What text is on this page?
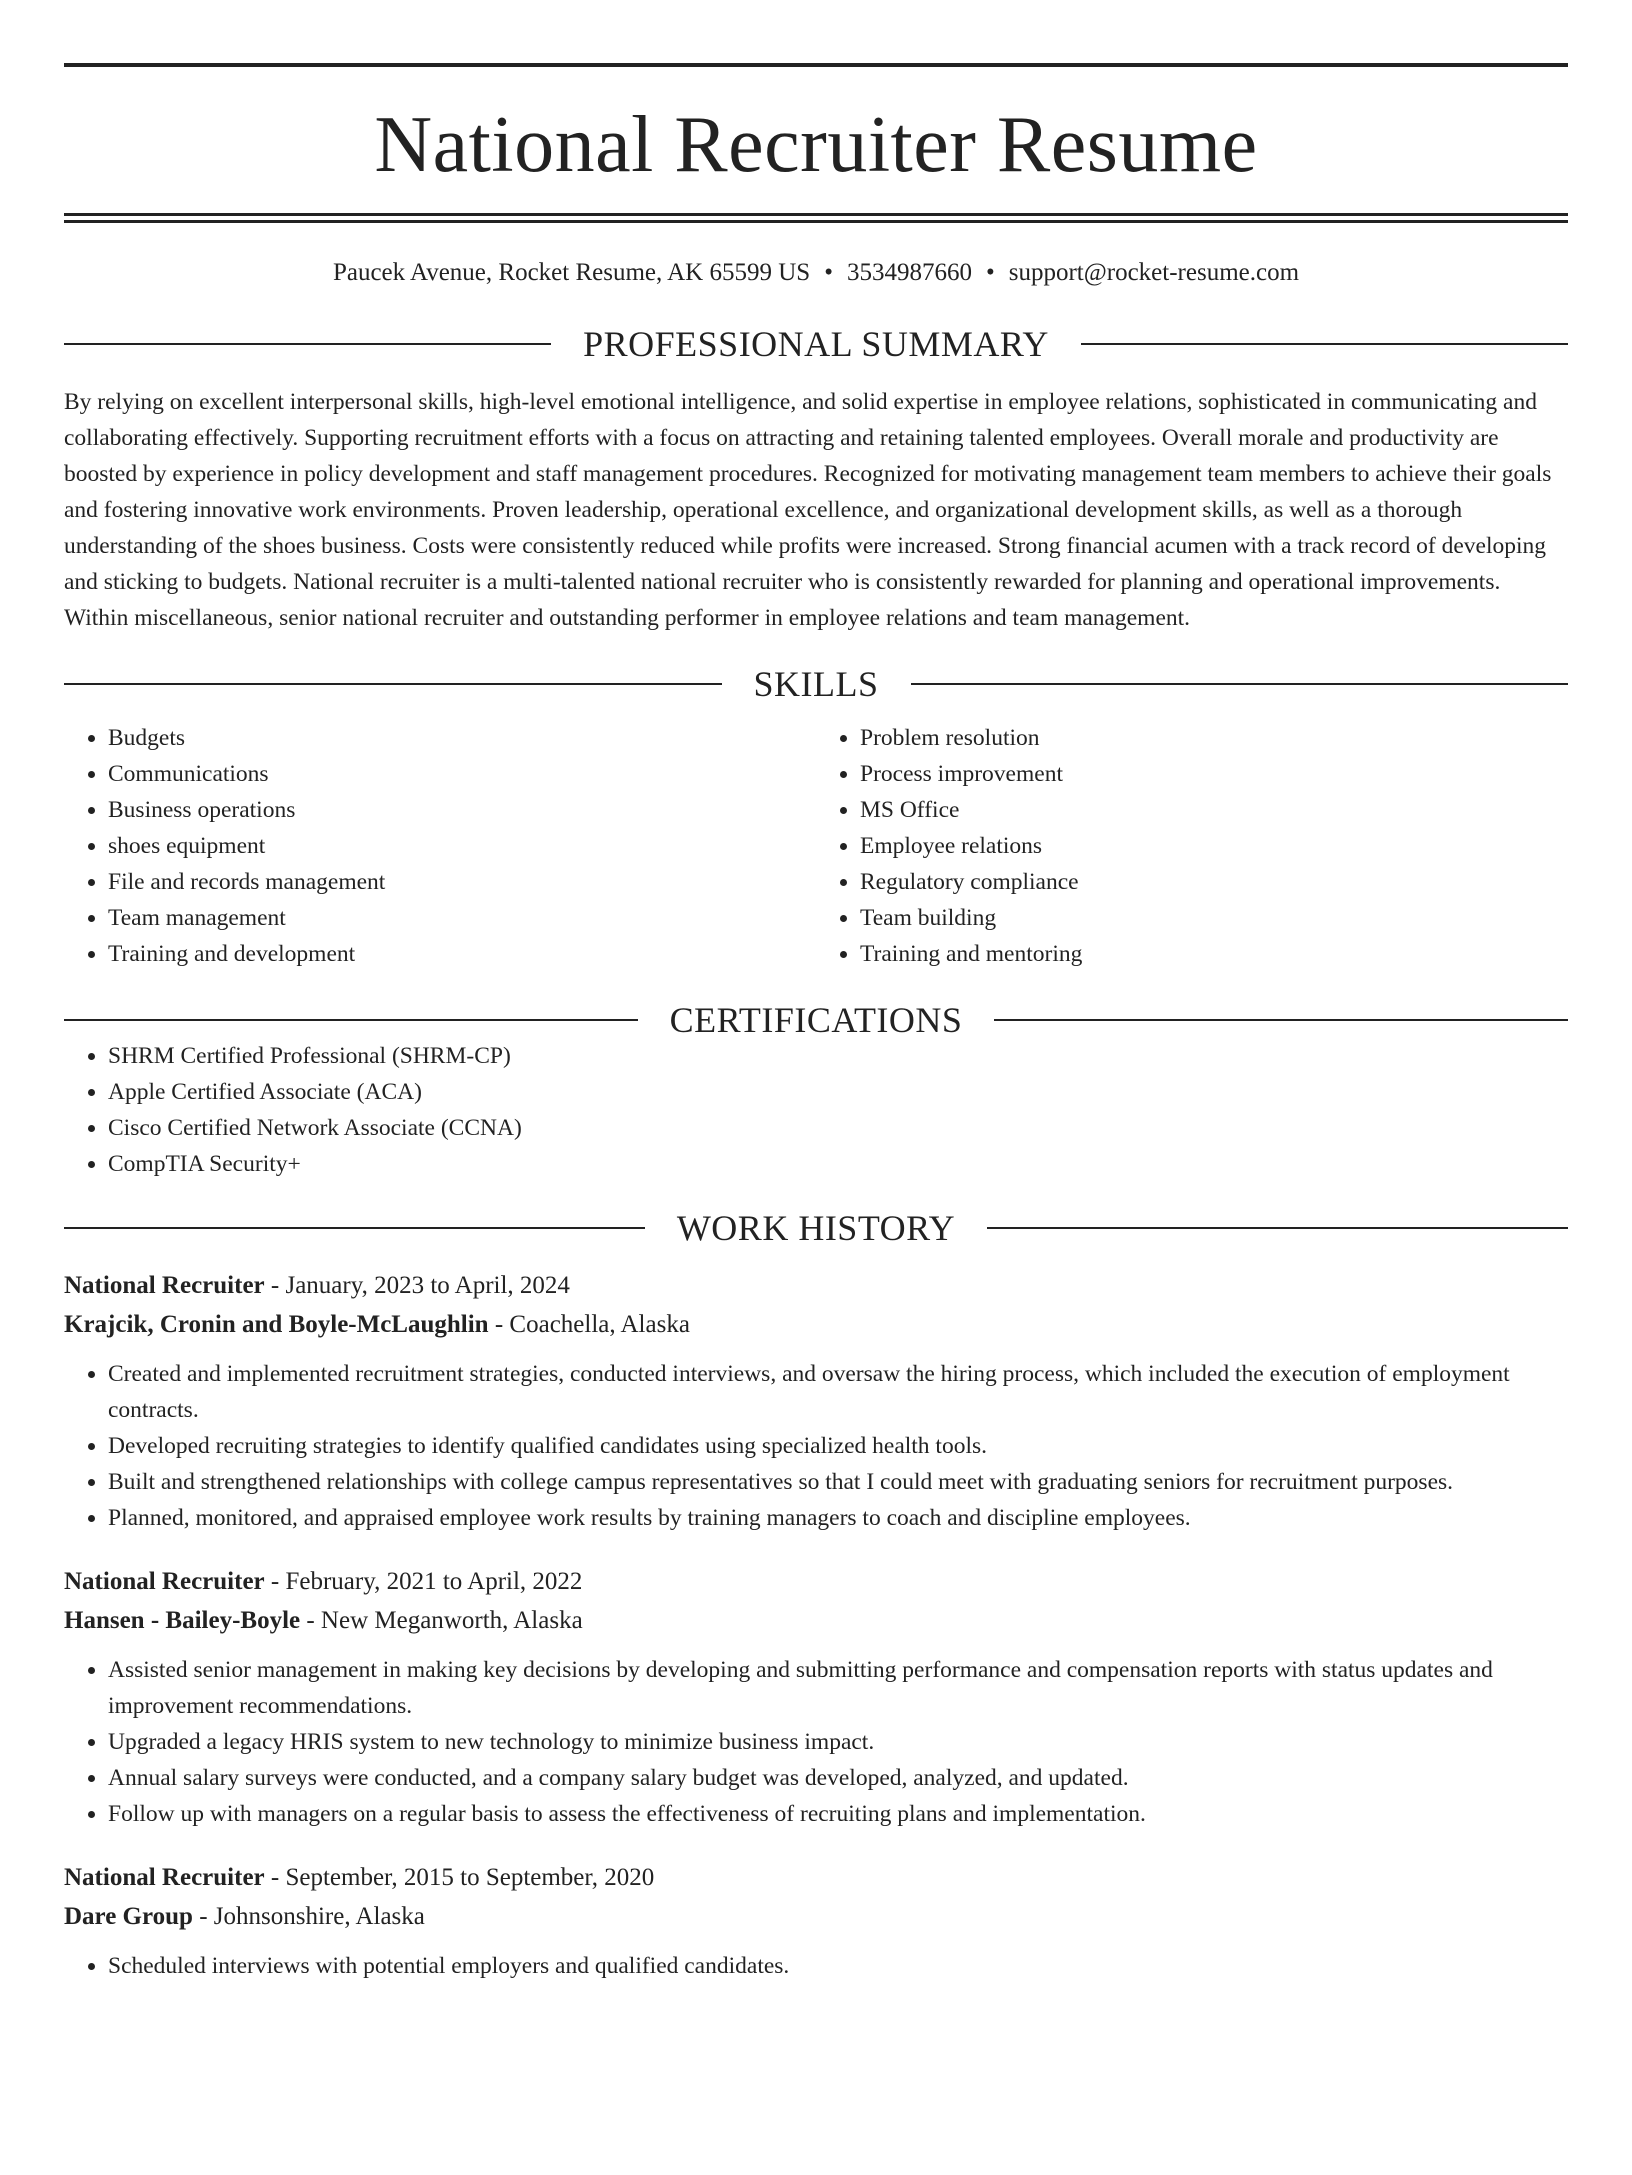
National Recruiter Resume
Paucek Avenue, Rocket Resume, AK 65599 US • 3534987660 • support@rocket-resume.com
PROFESSIONAL SUMMARY
By relying on excellent interpersonal skills, high-level emotional intelligence, and solid expertise in employee relations, sophisticated in communicating and collaborating effectively. Supporting recruitment efforts with a focus on attracting and retaining talented employees. Overall morale and productivity are boosted by experience in policy development and staff management procedures. Recognized for motivating management team members to achieve their goals and fostering innovative work environments. Proven leadership, operational excellence, and organizational development skills, as well as a thorough understanding of the shoes business. Costs were consistently reduced while profits were increased. Strong financial acumen with a track record of developing and sticking to budgets. National recruiter is a multi-talented national recruiter who is consistently rewarded for planning and operational improvements. Within miscellaneous, senior national recruiter and outstanding performer in employee relations and team management.
SKILLS
• Budgets
• Communications
• Business operations
• shoes equipment
• File and records management
• Team management
• Training and development
• Problem resolution
• Process improvement
• MS Office
• Employee relations
• Regulatory compliance
• Team building
• Training and mentoring
CERTIFICATIONS
• SHRM Certified Professional (SHRM-CP)
• Apple Certified Associate (ACA)
• Cisco Certified Network Associate (CCNA)
• CompTIA Security+
WORK HISTORY
National Recruiter - January, 2023 to April, 2024
Krajcik, Cronin and Boyle-McLaughlin - Coachella, Alaska
• Created and implemented recruitment strategies, conducted interviews, and oversaw the hiring process, which included the execution of employment contracts.
• Developed recruiting strategies to identify qualified candidates using specialized health tools.
• Built and strengthened relationships with college campus representatives so that I could meet with graduating seniors for recruitment purposes.
• Planned, monitored, and appraised employee work results by training managers to coach and discipline employees.
National Recruiter - February, 2021 to April, 2022
Hansen - Bailey-Boyle - New Meganworth, Alaska
• Assisted senior management in making key decisions by developing and submitting performance and compensation reports with status updates and improvement recommendations.
• Upgraded a legacy HRIS system to new technology to minimize business impact.
• Annual salary surveys were conducted, and a company salary budget was developed, analyzed, and updated.
• Follow up with managers on a regular basis to assess the effectiveness of recruiting plans and implementation.
National Recruiter - September, 2015 to September, 2020
Dare Group - Johnsonshire, Alaska
• Scheduled interviews with potential employers and qualified candidates.
